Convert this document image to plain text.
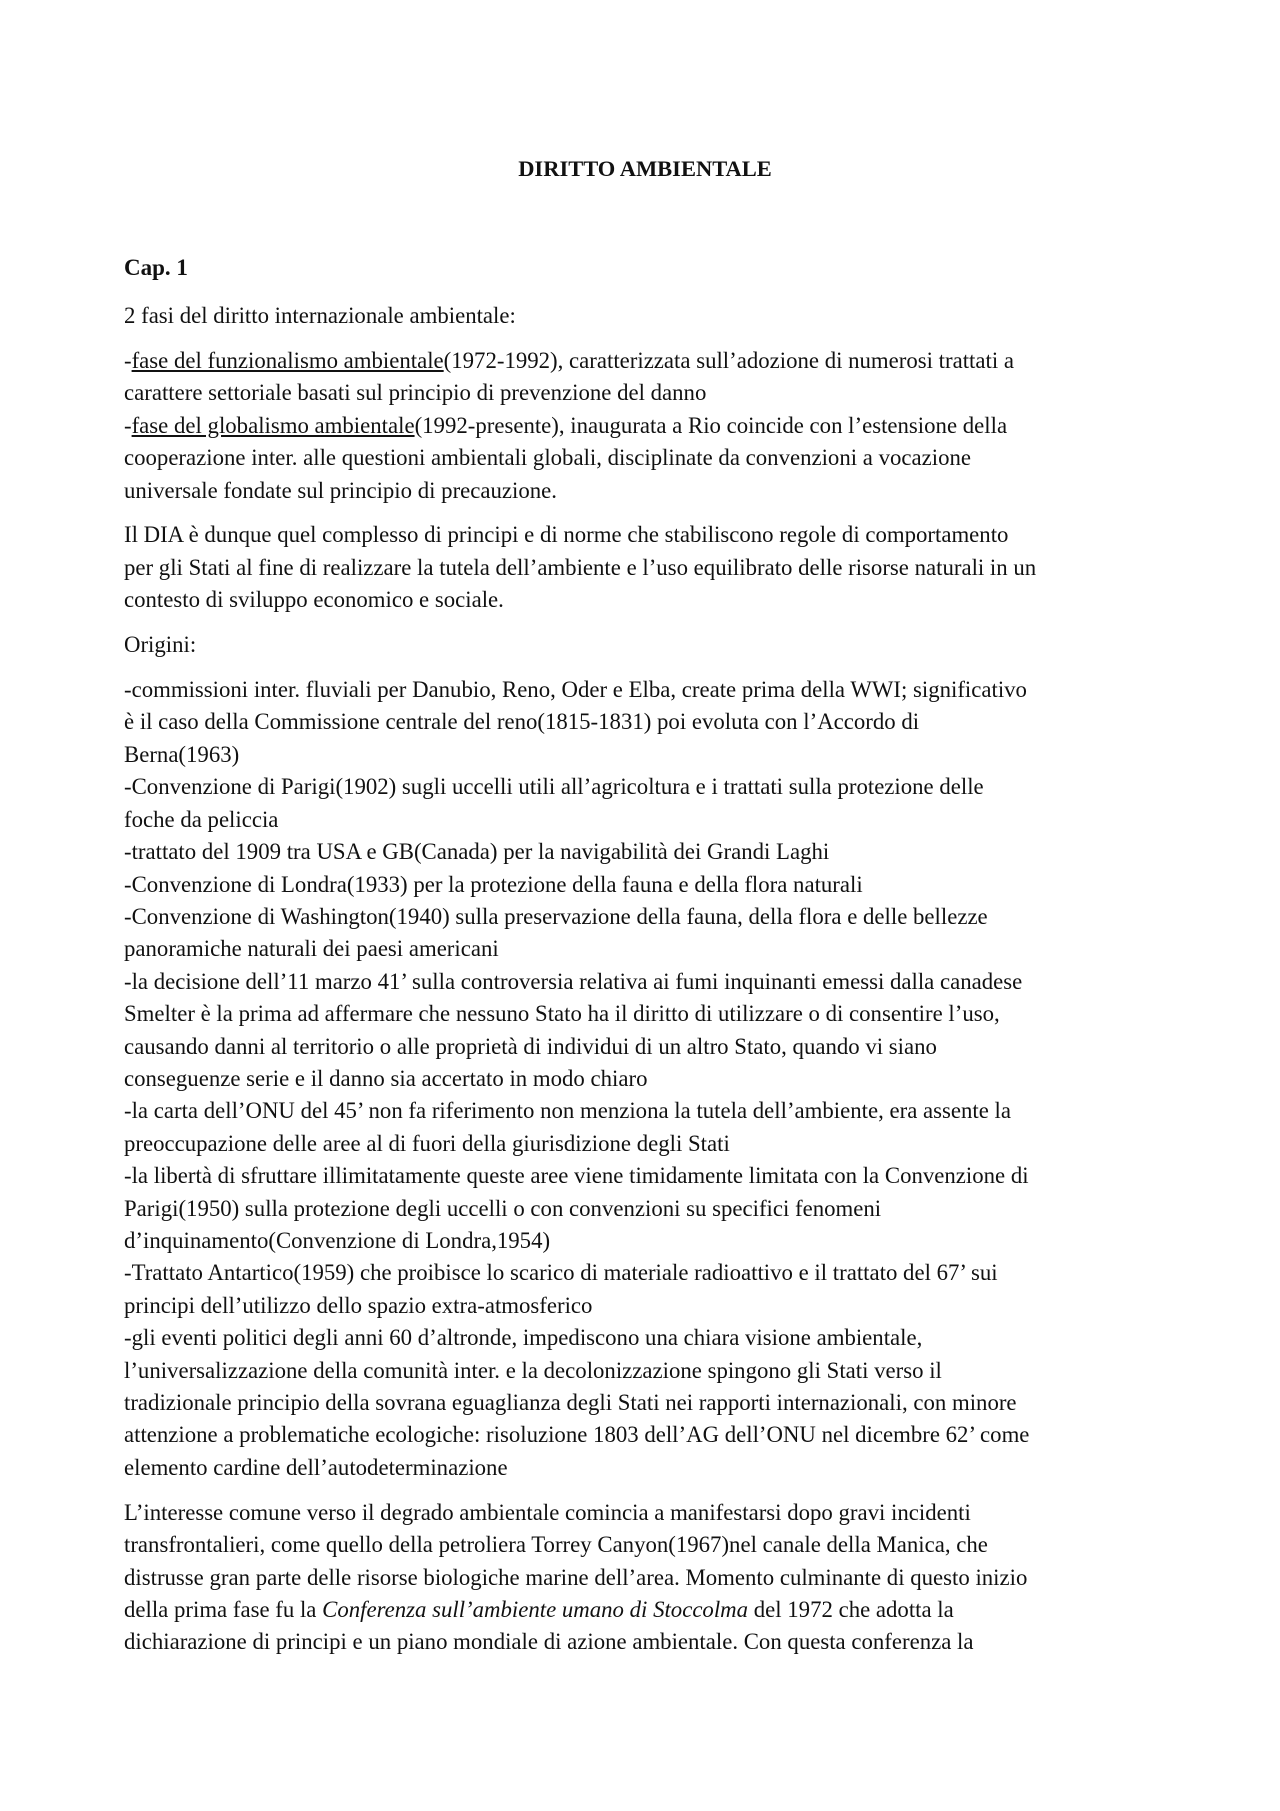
DIRITTO AMBIENTALE
Cap. 1

2 fasi del diritto internazionale ambientale:

-fase del funzionalismo ambientale(1972-1992), caratterizzata sull’adozione di numerosi trattati a
carattere settoriale basati sul principio di prevenzione del danno
-fase del globalismo ambientale(1992-presente), inaugurata a Rio coincide con l’estensione della
cooperazione inter. alle questioni ambientali globali, disciplinate da convenzioni a vocazione
universale fondate sul principio di precauzione.

Il DIA è dunque quel complesso di principi e di norme che stabiliscono regole di comportamento
per gli Stati al fine di realizzare la tutela dell’ambiente e l’uso equilibrato delle risorse naturali in un
contesto di sviluppo economico e sociale.

Origini:

-commissioni inter. fluviali per Danubio, Reno, Oder e Elba, create prima della WWI; significativo
è il caso della Commissione centrale del reno(1815-1831) poi evoluta con l’Accordo di
Berna(1963)
-Convenzione di Parigi(1902) sugli uccelli utili all’agricoltura e i trattati sulla protezione delle
foche da peliccia
-trattato del 1909 tra USA e GB(Canada) per la navigabilità dei Grandi Laghi
-Convenzione di Londra(1933) per la protezione della fauna e della flora naturali
-Convenzione di Washington(1940) sulla preservazione della fauna, della flora e delle bellezze
panoramiche naturali dei paesi americani
-la decisione dell’11 marzo 41’ sulla controversia relativa ai fumi inquinanti emessi dalla canadese
Smelter è la prima ad affermare che nessuno Stato ha il diritto di utilizzare o di consentire l’uso,
causando danni al territorio o alle proprietà di individui di un altro Stato, quando vi siano
conseguenze serie e il danno sia accertato in modo chiaro
-la carta dell’ONU del 45’ non fa riferimento non menziona la tutela dell’ambiente, era assente la
preoccupazione delle aree al di fuori della giurisdizione degli Stati
-la libertà di sfruttare illimitatamente queste aree viene timidamente limitata con la Convenzione di
Parigi(1950) sulla protezione degli uccelli o con convenzioni su specifici fenomeni
d’inquinamento(Convenzione di Londra,1954)
-Trattato Antartico(1959) che proibisce lo scarico di materiale radioattivo e il trattato del 67’ sui
principi dell’utilizzo dello spazio extra-atmosferico
-gli eventi politici degli anni 60 d’altronde, impediscono una chiara visione ambientale,
l’universalizzazione della comunità inter. e la decolonizzazione spingono gli Stati verso il
tradizionale principio della sovrana eguaglianza degli Stati nei rapporti internazionali, con minore
attenzione a problematiche ecologiche: risoluzione 1803 dell’AG dell’ONU nel dicembre 62’ come
elemento cardine dell’autodeterminazione

L’interesse comune verso il degrado ambientale comincia a manifestarsi dopo gravi incidenti
transfrontalieri, come quello della petroliera Torrey Canyon(1967)nel canale della Manica, che
distrusse gran parte delle risorse biologiche marine dell’area. Momento culminante di questo inizio
della prima fase fu la Conferenza sull’ambiente umano di Stoccolma del 1972 che adotta la
dichiarazione di principi e un piano mondiale di azione ambientale. Con questa conferenza la
